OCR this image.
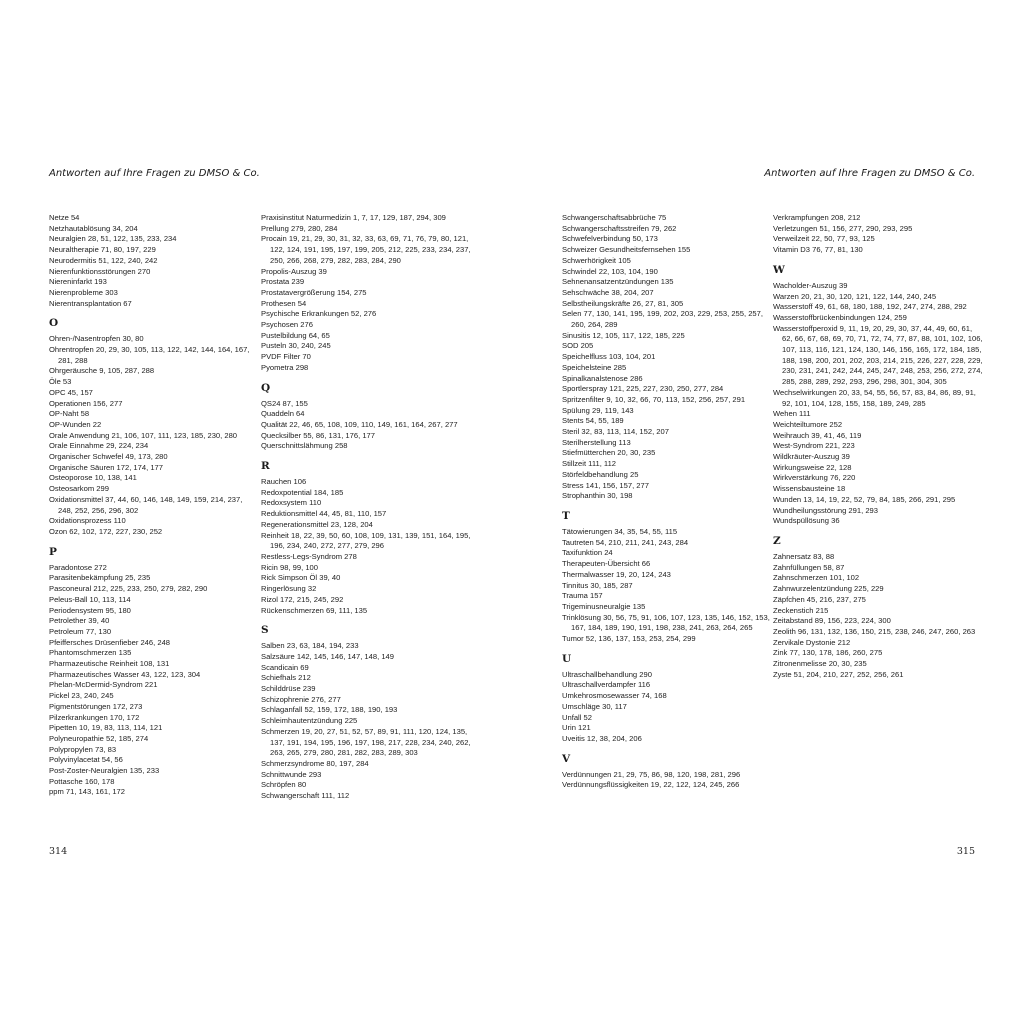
Antworten auf Ihre Fragen zu DMSO & Co.
Netze 54
Netzhautablösung 34, 204
Neuralgien 28, 51, 122, 135, 233, 234
Neuraltherapie 71, 80, 197, 229
Neurodermitis 51, 122, 240, 242
Nierenfunktionsstörungen 270
Niereninfarkt 193
Nierenprobleme 303
Nierentransplantation 67
O
Ohren-/Nasentropfen 30, 80
Ohrentropfen 20, 29, 30, 105, 113, 122, 142, 144, 164, 167, 281, 288
Ohrgeräusche 9, 105, 287, 288
Öle 53
OPC 45, 157
Operationen 156, 277
OP-Naht 58
OP-Wunden 22
Orale Anwendung 21, 106, 107, 111, 123, 185, 230, 280
Orale Einnahme 29, 224, 234
Organischer Schwefel 49, 173, 280
Organische Säuren 172, 174, 177
Osteoporose 10, 138, 141
Osteosarkom 299
Oxidationsmittel 37, 44, 60, 146, 148, 149, 159, 214, 237, 248, 252, 256, 296, 302
Oxidationsprozess 110
Ozon 62, 102, 172, 227, 230, 252
P
Paradontose 272
Parasitenbekämpfung 25, 235
Pasconeural 212, 225, 233, 250, 279, 282, 290
Peleus-Ball 10, 113, 114
Periodensystem 95, 180
Petrolether 39, 40
Petroleum 77, 130
Pfeiffersches Drüsenfieber 246, 248
Phantomschmerzen 135
Pharmazeutische Reinheit 108, 131
Pharmazeutisches Wasser 43, 122, 123, 304
Phelan-McDermid-Syndrom 221
Pickel 23, 240, 245
Pigmentstörungen 172, 273
Pilzerkrankungen 170, 172
Pipetten 10, 19, 83, 113, 114, 121
Polyneuropathie 52, 185, 274
Polypropylen 73, 83
Polyvinylacetat 54, 56
Post-Zoster-Neuralgien 135, 233
Pottasche 160, 178
ppm 71, 143, 161, 172
Praxisinstitut Naturmedizin 1, 7, 17, 129, 187, 294, 309
Prellung 279, 280, 284
Procain 19, 21, 29, 30, 31, 32, 33, 63, 69, 71, 76, 79, 80, 121, 122, 124, 191, 195, 197, 199, 205, 212, 225, 233, 234, 237, 250, 266, 268, 279, 282, 283, 284, 290
Propolis-Auszug 39
Prostata 239
Prostatavergrößerung 154, 275
Prothesen 54
Psychische Erkrankungen 52, 276
Psychosen 276
Pustelbildung 64, 65
Pusteln 30, 240, 245
PVDF Filter 70
Pyometra 298
Q
QS24 87, 155
Quaddeln 64
Qualität 22, 46, 65, 108, 109, 110, 149, 161, 164, 267, 277
Quecksilber 55, 86, 131, 176, 177
Querschnittslähmung 258
R
Rauchen 106
Redoxpotential 184, 185
Redoxsystem 110
Reduktionsmittel 44, 45, 81, 110, 157
Regenerationsmittel 23, 128, 204
Reinheit 18, 22, 39, 50, 60, 108, 109, 131, 139, 151, 164, 195, 196, 234, 240, 272, 277, 279, 296
Restless-Legs-Syndrom 278
Ricin 98, 99, 100
Rick Simpson Öl 39, 40
Ringerlösung 32
Rizol 172, 215, 245, 292
Rückenschmerzen 69, 111, 135
S
Salben 23, 63, 184, 194, 233
Salzsäure 142, 145, 146, 147, 148, 149
Scandicain 69
Schiefhals 212
Schilddrüse 239
Schizophrenie 276, 277
Schlaganfall 52, 159, 172, 188, 190, 193
Schleimhautentzündung 225
Schmerzen 19, 20, 27, 51, 52, 57, 89, 91, 111, 120, 124, 135, 137, 191, 194, 195, 196, 197, 198, 217, 228, 234, 240, 262, 263, 265, 279, 280, 281, 282, 283, 289, 303
Schmerzsyndrome 80, 197, 284
Schnittwunde 293
Schröpfen 80
Schwangerschaft 111, 112
314
Antworten auf Ihre Fragen zu DMSO & Co.
Schwangerschaftsabbrüche 75
Schwangerschaftsstreifen 79, 262
Schwefelverbindung 50, 173
Schweizer Gesundheitsfernsehen 155
Schwerhörigkeit 105
Schwindel 22, 103, 104, 190
Sehnenansatzentzündungen 135
Sehschwäche 38, 204, 207
Selbstheilungskräfte 26, 27, 81, 305
Selen 77, 130, 141, 195, 199, 202, 203, 229, 253, 255, 257, 260, 264, 289
Sinusitis 12, 105, 117, 122, 185, 225
SOD 205
Speichelfluss 103, 104, 201
Speichelsteine 285
Spinalkanalstenose 286
Sportlerspray 121, 225, 227, 230, 250, 277, 284
Spritzenfilter 9, 10, 32, 66, 70, 113, 152, 256, 257, 291
Spülung 29, 119, 143
Stents 54, 55, 189
Steril 32, 83, 113, 114, 152, 207
Sterilherstellung 113
Stiefmütterchen 20, 30, 235
Stillzeit 111, 112
Störfeldbehandlung 25
Stress 141, 156, 157, 277
Strophanthin 30, 198
T
Tätowierungen 34, 35, 54, 55, 115
Tautreten 54, 210, 211, 241, 243, 284
Taxifunktion 24
Therapeuten-Übersicht 66
Thermalwasser 19, 20, 124, 243
Tinnitus 30, 185, 287
Trauma 157
Trigeminusneuralgie 135
Trinklösung 30, 56, 75, 91, 106, 107, 123, 135, 146, 152, 153, 167, 184, 189, 190, 191, 198, 238, 241, 263, 264, 265
Tumor 52, 136, 137, 153, 253, 254, 299
U
Ultraschallbehandlung 290
Ultraschallverdampfer 116
Umkehrosmosewasser 74, 168
Umschläge 30, 117
Unfall 52
Urin 121
Uveitis 12, 38, 204, 206
V
Verdünnungen 21, 29, 75, 86, 98, 120, 198, 281, 296
Verdünnungsflüssigkeiten 19, 22, 122, 124, 245, 266
Verkrampfungen 208, 212
Verletzungen 51, 156, 277, 290, 293, 295
Verweilzeit 22, 50, 77, 93, 125
Vitamin D3 76, 77, 81, 130
W
Wacholder-Auszug 39
Warzen 20, 21, 30, 120, 121, 122, 144, 240, 245
Wasserstoff 49, 61, 68, 180, 188, 192, 247, 274, 288, 292
Wasserstoffbrückenbindungen 124, 259
Wasserstoffperoxid 9, 11, 19, 20, 29, 30, 37, 44, 49, 60, 61, 62, 66, 67, 68, 69, 70, 71, 72, 74, 77, 87, 88, 101, 102, 106, 107, 113, 116, 121, 124, 130, 146, 156, 165, 172, 184, 185, 188, 198, 200, 201, 202, 203, 214, 215, 226, 227, 228, 229, 230, 231, 241, 242, 244, 245, 247, 248, 253, 256, 272, 274, 285, 288, 289, 292, 293, 296, 298, 301, 304, 305
Wechselwirkungen 20, 33, 54, 55, 56, 57, 83, 84, 86, 89, 91, 92, 101, 104, 128, 155, 158, 189, 249, 285
Wehen 111
Weichteiltumore 252
Weihrauch 39, 41, 46, 119
West-Syndrom 221, 223
Wildkräuter-Auszug 39
Wirkungsweise 22, 128
Wirkverstärkung 76, 220
Wissensbausteine 18
Wunden 13, 14, 19, 22, 52, 79, 84, 185, 266, 291, 295
Wundheilungsstörung 291, 293
Wundspüllösung 36
Z
Zahnersatz 83, 88
Zahnfüllungen 58, 87
Zahnschmerzen 101, 102
Zahnwurzelentzündung 225, 229
Zäpfchen 45, 216, 237, 275
Zeckenstich 215
Zeitabstand 89, 156, 223, 224, 300
Zeolith 96, 131, 132, 136, 150, 215, 238, 246, 247, 260, 263
Zervikale Dystonie 212
Zink 77, 130, 178, 186, 260, 275
Zitronenmelisse 20, 30, 235
Zyste 51, 204, 210, 227, 252, 256, 261
315
